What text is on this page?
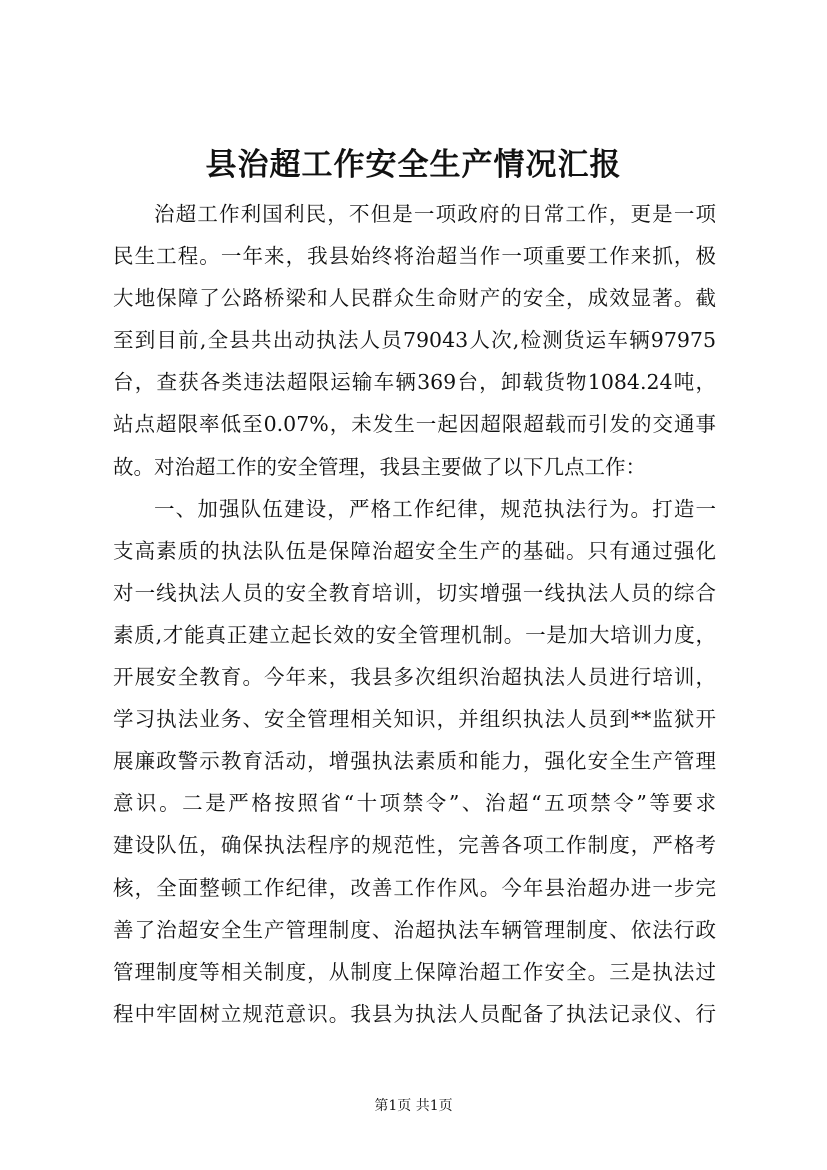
县治超工作安全生产情况汇报
治超工作利国利民，不但是一项政府的日常工作，更是一项
民生工程。一年来，我县始终将治超当作一项重要工作来抓，极
大地保障了公路桥梁和人民群众生命财产的安全，成效显著。截
至到目前,全县共出动执法人员79043人次,检测货运车辆97975
台，查获各类违法超限运输车辆369台，卸载货物1084.24吨，
站点超限率低至0.07%，未发生一起因超限超载而引发的交通事
故。对治超工作的安全管理，我县主要做了以下几点工作：
一、加强队伍建设，严格工作纪律，规范执法行为。打造一
支高素质的执法队伍是保障治超安全生产的基础。只有通过强化
对一线执法人员的安全教育培训，切实增强一线执法人员的综合
素质,才能真正建立起长效的安全管理机制。一是加大培训力度，
开展安全教育。今年来，我县多次组织治超执法人员进行培训，
学习执法业务、安全管理相关知识，并组织执法人员到**监狱开
展廉政警示教育活动，增强执法素质和能力，强化安全生产管理
意识。二是严格按照省“十项禁令”、治超“五项禁令”等要求
建设队伍，确保执法程序的规范性，完善各项工作制度，严格考
核，全面整顿工作纪律，改善工作作风。今年县治超办进一步完
善了治超安全生产管理制度、治超执法车辆管理制度、依法行政
管理制度等相关制度，从制度上保障治超工作安全。三是执法过
程中牢固树立规范意识。我县为执法人员配备了执法记录仪、行
第1页 共1页
